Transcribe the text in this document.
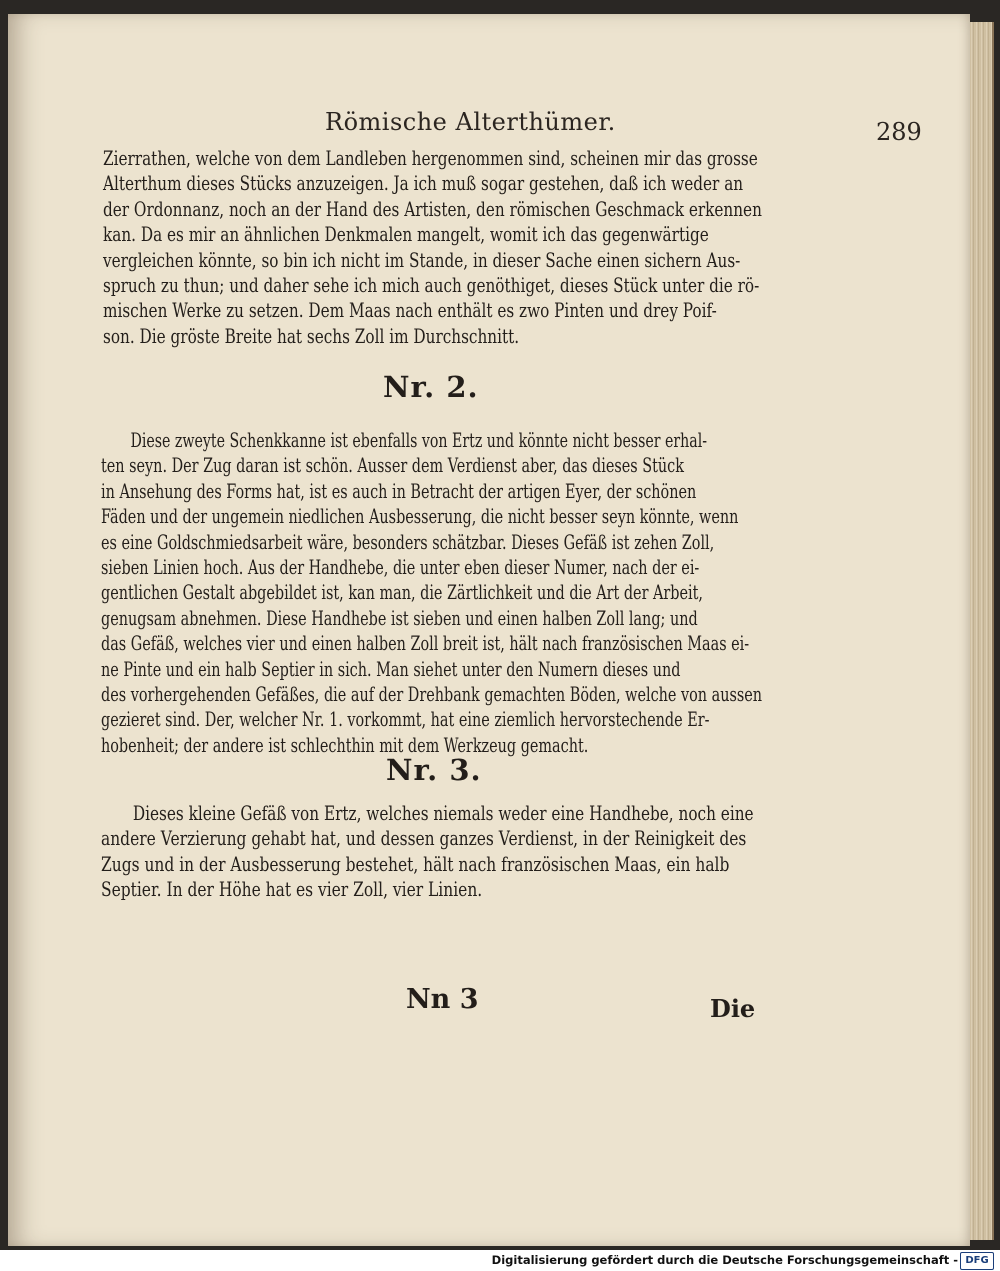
Römische Alterthümer.	289

Zierrathen, welche von dem Landleben hergenommen sind, scheinen mir das grosse

Alterthum dieses Stücks anzuzeigen. Ja ich muß sogar gestehen, daß ich weder an

der Ordonnanz, noch an der Hand des Artisten, den römischen Geschmack erkennen

kan. Da es mir an ähnlichen Denkmalen mangelt, womit ich das gegenwärtige

vergleichen könnte, so bin ich nicht im Stande, in dieser Sache einen sichern Aus-

spruch zu thun; und daher sehe ich mich auch genöthiget, dieses Stück unter die rö-

mischen Werke zu setzen. Dem Maas nach enthält es zwo Pinten und drey Poif-

son. Die gröste Breite hat sechs Zoll im Durchschnitt.

Nr. 2.

Diese zweyte Schenkkanne ist ebenfalls von Ertz und könnte nicht besser erhal-

ten seyn. Der Zug daran ist schön. Ausser dem Verdienst aber, das dieses Stück

in Ansehung des Forms hat, ist es auch in Betracht der artigen Eyer, der schönen

Fäden und der ungemein niedlichen Ausbesserung, die nicht besser seyn könnte, wenn

es eine Goldschmiedsarbeit wäre, besonders schätzbar. Dieses Gefäß ist zehen Zoll,

sieben Linien hoch. Aus der Handhebe, die unter eben dieser Numer, nach der ei-

gentlichen Gestalt abgebildet ist, kan man, die Zärtlichkeit und die Art der Arbeit,

genugsam abnehmen. Diese Handhebe ist sieben und einen halben Zoll lang; und

das Gefäß, welches vier und einen halben Zoll breit ist, hält nach französischen Maas ei-

ne Pinte und ein halb Septier in sich. Man siehet unter den Numern dieses und

des vorhergehenden Gefäßes, die auf der Drehbank gemachten Böden, welche von aussen

gezieret sind. Der, welcher Nr. 1. vorkommt, hat eine ziemlich hervorstechende Er-

hobenheit; der andere ist schlechthin mit dem Werkzeug gemacht.

Nr. 3.

Dieses kleine Gefäß von Ertz, welches niemals weder eine Handhebe, noch eine

andere Verzierung gehabt hat, und dessen ganzes Verdienst, in der Reinigkeit des

Zugs und in der Ausbesserung bestehet, hält nach französischen Maas, ein halb

Septier. In der Höhe hat es vier Zoll, vier Linien.

Nn 3	Die
Digitalisierung gefördert durch die Deutsche Forschungsgemeinschaft - DFG
